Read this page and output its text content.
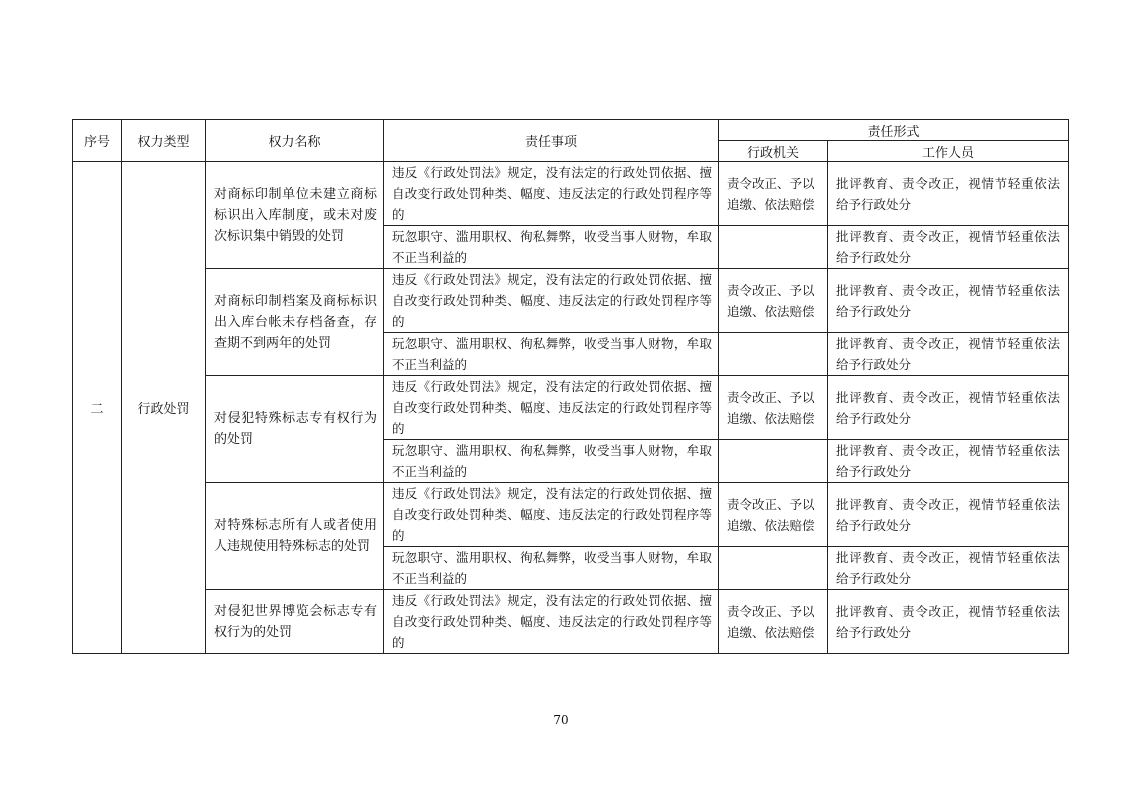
序号	权力类型	权力名称	责任事项	责任形式	
				行政机关	工作人员
二	行政处罚	对商标印制单位未建立商标标识出入库制度，或未对废次标识集中销毁的处罚	违反《行政处罚法》规定，没有法定的行政处罚依据、擅自改变行政处罚种类、幅度、违反法定的行政处罚程序等的	责令改正、予以追缴、依法赔偿	批评教育、责令改正，视情节轻重依法给予行政处分
			玩忽职守、滥用职权、徇私舞弊，收受当事人财物，牟取不正当利益的		批评教育、责令改正，视情节轻重依法给予行政处分
		对商标印制档案及商标标识出入库台帐未存档备查，存查期不到两年的处罚	违反《行政处罚法》规定，没有法定的行政处罚依据、擅自改变行政处罚种类、幅度、违反法定的行政处罚程序等的	责令改正、予以追缴、依法赔偿	批评教育、责令改正，视情节轻重依法给予行政处分
			玩忽职守、滥用职权、徇私舞弊，收受当事人财物，牟取不正当利益的		批评教育、责令改正，视情节轻重依法给予行政处分
		对侵犯特殊标志专有权行为的处罚	违反《行政处罚法》规定，没有法定的行政处罚依据、擅自改变行政处罚种类、幅度、违反法定的行政处罚程序等的	责令改正、予以追缴、依法赔偿	批评教育、责令改正，视情节轻重依法给予行政处分
			玩忽职守、滥用职权、徇私舞弊，收受当事人财物，牟取不正当利益的		批评教育、责令改正，视情节轻重依法给予行政处分
		对特殊标志所有人或者使用人违规使用特殊标志的处罚	违反《行政处罚法》规定，没有法定的行政处罚依据、擅自改变行政处罚种类、幅度、违反法定的行政处罚程序等的	责令改正、予以追缴、依法赔偿	批评教育、责令改正，视情节轻重依法给予行政处分
			玩忽职守、滥用职权、徇私舞弊，收受当事人财物，牟取不正当利益的		批评教育、责令改正，视情节轻重依法给予行政处分
		对侵犯世界博览会标志专有权行为的处罚	违反《行政处罚法》规定，没有法定的行政处罚依据、擅自改变行政处罚种类、幅度、违反法定的行政处罚程序等的	责令改正、予以追缴、依法赔偿	批评教育、责令改正，视情节轻重依法给予行政处分
70
